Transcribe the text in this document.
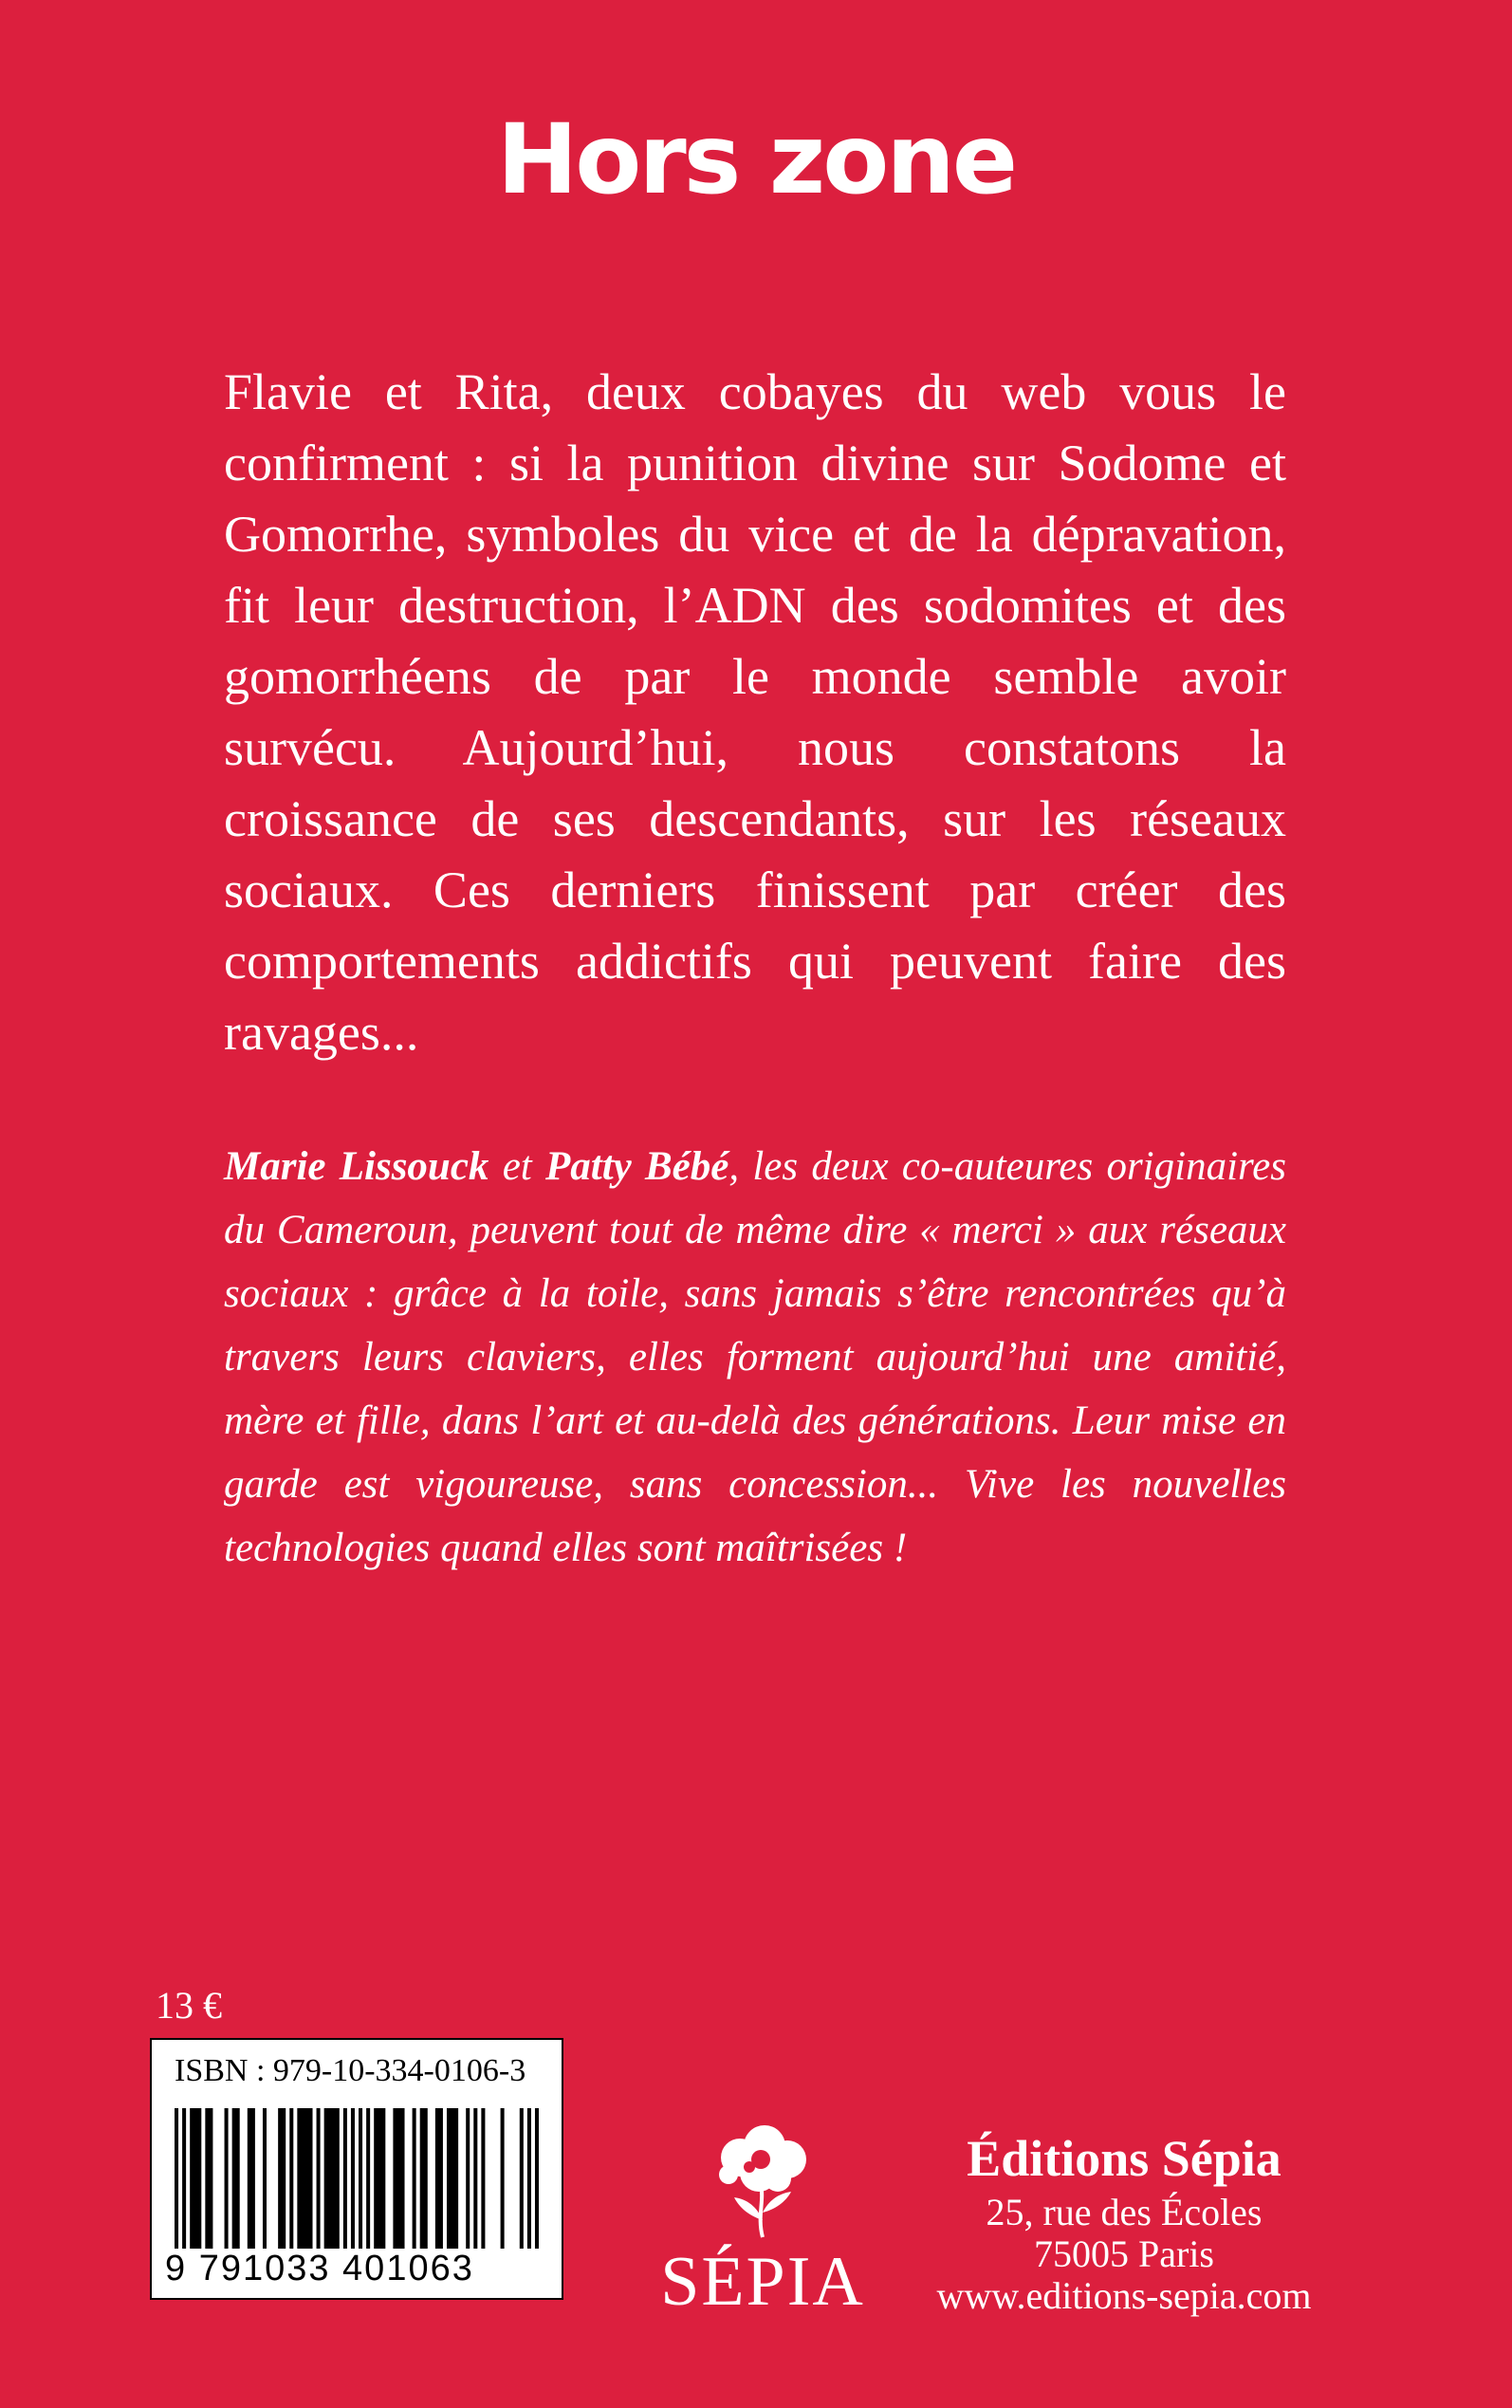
Hors zone

Flavie et Rita, deux cobayes du web vous le confirment : si la punition divine sur Sodome et Gomorrhe, symboles du vice et de la dépravation, fit leur destruction, l’ADN des sodomites et des gomorrhéens de par le monde semble avoir survécu. Aujourd’hui, nous constatons la croissance de ses descendants, sur les réseaux sociaux. Ces derniers finissent par créer des comportements addictifs qui peuvent faire des ravages...

Marie Lissouck et Patty Bébé, les deux co-auteures originaires du Cameroun, peuvent tout de même dire « merci » aux réseaux sociaux : grâce à la toile, sans jamais s’être rencontrées qu’à travers leurs claviers, elles forment aujourd’hui une amitié, mère et fille, dans l’art et au-delà des générations. Leur mise en garde est vigoureuse, sans concession... Vive les nouvelles technologies quand elles sont maîtrisées !

13 €
ISBN : 979-10-334-0106-3
9 791033 401063	SÉPIA
Éditions Sépia
25, rue des Écoles
75005 Paris
www.editions-sepia.com
